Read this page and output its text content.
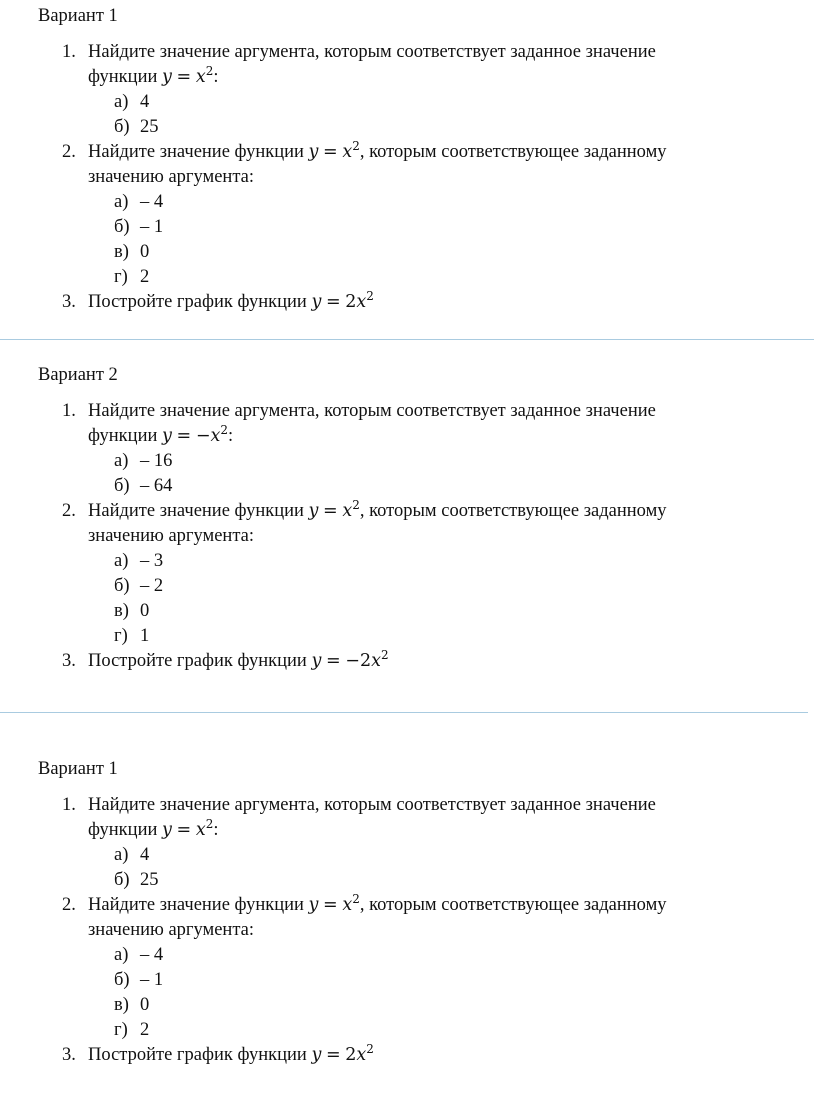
Вариант 1
1. Найдите значение аргумента, которым соответствует заданное значение
функции $y = x^2$:
а) 4
б) 25
2. Найдите значение функции $y = x^2$, которым соответствующее заданному
значению аргумента:
а) – 4
б) – 1
в) 0
г) 2
3. Постройте график функции $y = 2x^2$
Вариант 2
1. Найдите значение аргумента, которым соответствует заданное значение
функции $y = -x^2$:
а) – 16
б) – 64
2. Найдите значение функции $y = x^2$, которым соответствующее заданному
значению аргумента:
а) – 3
б) – 2
в) 0
г) 1
3. Постройте график функции $y = -2x^2$
Вариант 1
1. Найдите значение аргумента, которым соответствует заданное значение
функции $y = x^2$:
а) 4
б) 25
2. Найдите значение функции $y = x^2$, которым соответствующее заданному
значению аргумента:
а) – 4
б) – 1
в) 0
г) 2
3. Постройте график функции $y = 2x^2$
